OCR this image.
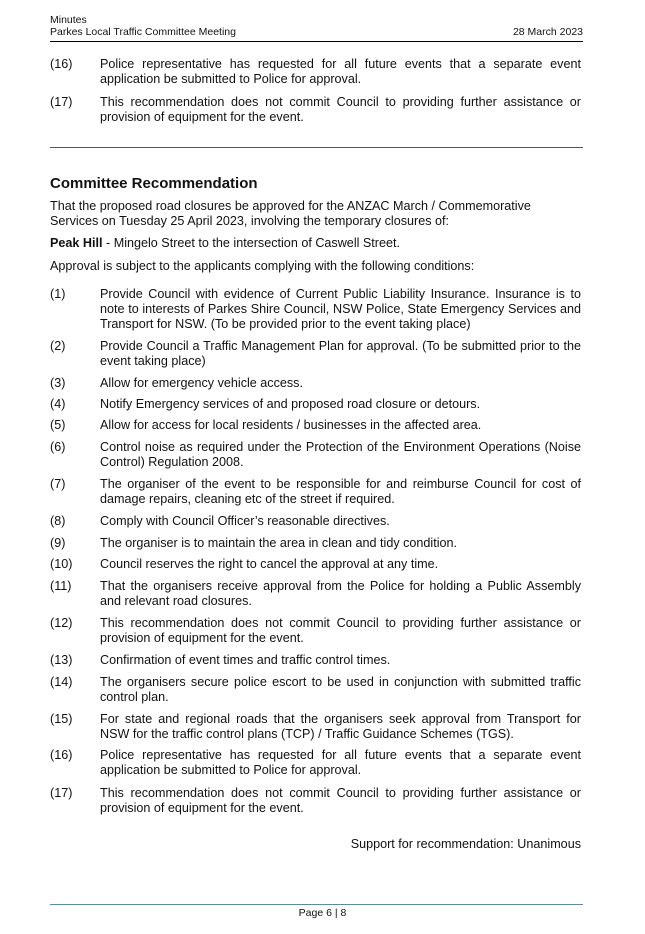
Minutes
Parkes Local Traffic Committee Meeting	28 March 2023
(16)	Police representative has requested for all future events that a separate event application be submitted to Police for approval.
(17)	This recommendation does not commit Council to providing further assistance or provision of equipment for the event.
Committee Recommendation
That the proposed road closures be approved for the ANZAC March / Commemorative Services on Tuesday 25 April 2023, involving the temporary closures of:
Peak Hill - Mingelo Street to the intersection of Caswell Street.
Approval is subject to the applicants complying with the following conditions:
(1)	Provide Council with evidence of Current Public Liability Insurance. Insurance is to note to interests of Parkes Shire Council, NSW Police, State Emergency Services and Transport for NSW. (To be provided prior to the event taking place)
(2)	Provide Council a Traffic Management Plan for approval. (To be submitted prior to the event taking place)
(3)	Allow for emergency vehicle access.
(4)	Notify Emergency services of and proposed road closure or detours.
(5)	Allow for access for local residents / businesses in the affected area.
(6)	Control noise as required under the Protection of the Environment Operations (Noise Control) Regulation 2008.
(7)	The organiser of the event to be responsible for and reimburse Council for cost of damage repairs, cleaning etc of the street if required.
(8)	Comply with Council Officer’s reasonable directives.
(9)	The organiser is to maintain the area in clean and tidy condition.
(10)	Council reserves the right to cancel the approval at any time.
(11)	That the organisers receive approval from the Police for holding a Public Assembly and relevant road closures.
(12)	This recommendation does not commit Council to providing further assistance or provision of equipment for the event.
(13)	Confirmation of event times and traffic control times.
(14)	The organisers secure police escort to be used in conjunction with submitted traffic control plan.
(15)	For state and regional roads that the organisers seek approval from Transport for NSW for the traffic control plans (TCP) / Traffic Guidance Schemes (TGS).
(16)	Police representative has requested for all future events that a separate event application be submitted to Police for approval.
(17)	This recommendation does not commit Council to providing further assistance or provision of equipment for the event.
Support for recommendation: Unanimous
Page 6 | 8
